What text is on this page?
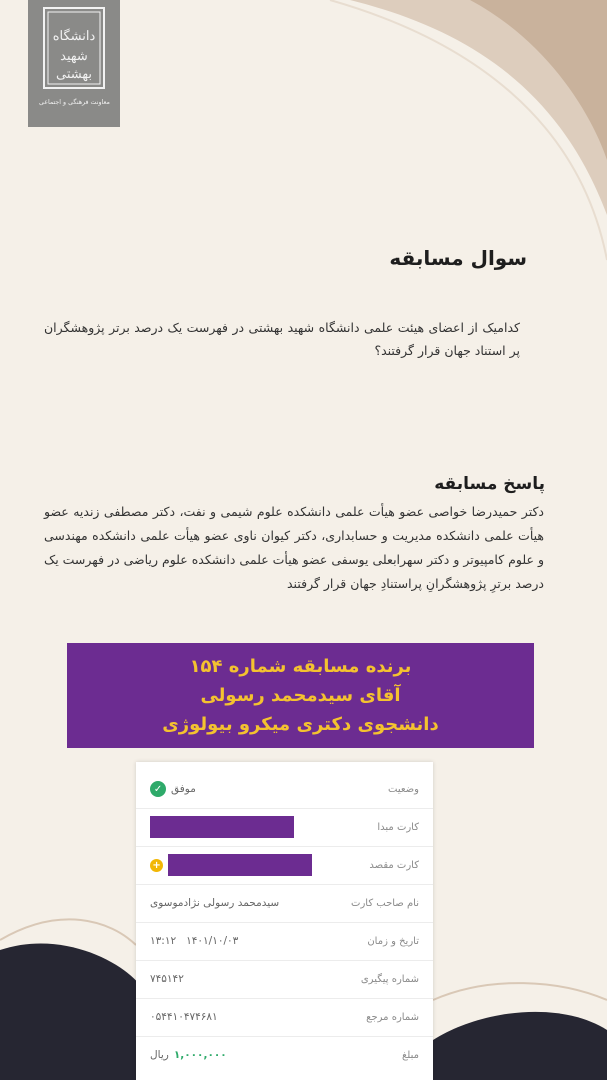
دانشگاه
شهید
بهشتی
معاونت فرهنگی و اجتماعی
سوال مسابقه
کدامیک از اعضای هیئت علمی دانشگاه شهید بهشتی در فهرست یک درصد برتر پژوهشگران پر استناد جهان قرار گرفتند؟
پاسخ مسابقه
دکتر حمیدرضا خواصی عضو هیأت علمی دانشکده علوم شیمی و نفت، دکتر مصطفی زندیه عضو هیأت علمی دانشکده مدیریت و حسابداری، دکتر کیوان ناوی عضو هیأت علمی دانشکده مهندسی و علوم کامپیوتر و دکتر سهرابعلی یوسفی عضو هیأت علمی دانشکده علوم ریاضی در فهرست یک درصد برترِ پژوهشگرانِ پراستنادِ جهان قرار گرفتند
برنده مسابقه شماره ۱۵۴
آقای سیدمحمد رسولی
دانشجوی دکتری میکرو بیولوژی
وضعیت
موفق
✓
کارت مبدا
کارت مقصد
+
نام صاحب کارت
سیدمحمد رسولی نژادموسوی
تاریخ و زمان
۱۴۰۱/۱۰/۰۳   ۱۳:۱۲
شماره پیگیری
۷۴۵۱۴۲
شماره مرجع
۰۵۴۴۱۰۴۷۴۶۸۱
مبلغ
۱,۰۰۰,۰۰۰
ریال
